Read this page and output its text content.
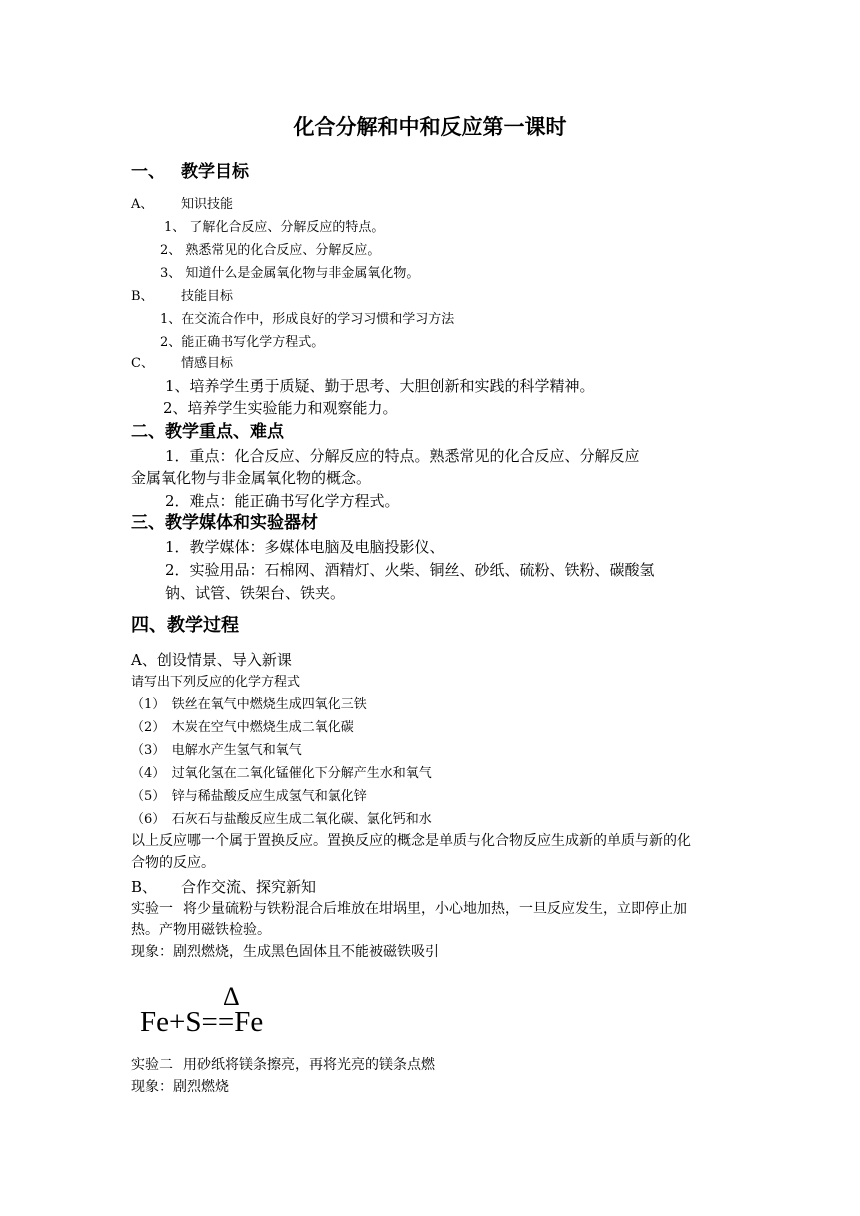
化合分解和中和反应第一课时
一、 教学目标
A、 知识技能
1、 了解化合反应、分解反应的特点。
2、 熟悉常见的化合反应、分解反应。
3、 知道什么是金属氧化物与非金属氧化物。
B、 技能目标
1、在交流合作中，形成良好的学习习惯和学习方法
2、能正确书写化学方程式。
C、 情感目标
1、培养学生勇于质疑、勤于思考、大胆创新和实践的科学精神。
2、培养学生实验能力和观察能力。
二、教学重点、难点
1．重点：化合反应、分解反应的特点。熟悉常见的化合反应、分解反应
金属氧化物与非金属氧化物的概念。
2．难点：能正确书写化学方程式。
三、教学媒体和实验器材
1．教学媒体：多媒体电脑及电脑投影仪、
2．实验用品：石棉网、酒精灯、火柴、铜丝、砂纸、硫粉、铁粉、碳酸氢
钠、试管、铁架台、铁夹。
四、教学过程
A、创设情景、导入新课
请写出下列反应的化学方程式
（1）　 铁丝在氧气中燃烧生成四氧化三铁
（2）　 木炭在空气中燃烧生成二氧化碳
（3）　 电解水产生氢气和氧气
（4）　 过氧化氢在二氧化锰催化下分解产生水和氧气
（5）　 锌与稀盐酸反应生成氢气和氯化锌
（6）　 石灰石与盐酸反应生成二氧化碳、氯化钙和水
以上反应哪一个属于置换反应。置换反应的概念是单质与化合物反应生成新的单质与新的化
合物的反应。
B、 合作交流、探究新知
实验一 将少量硫粉与铁粉混合后堆放在坩埚里，小心地加热，一旦反应发生，立即停止加
热。产物用磁铁检验。
现象：剧烈燃烧，生成黑色固体且不能被磁铁吸引
Δ
Fe+S==Fe
实验二 用砂纸将镁条擦亮，再将光亮的镁条点燃
现象：剧烈燃烧
